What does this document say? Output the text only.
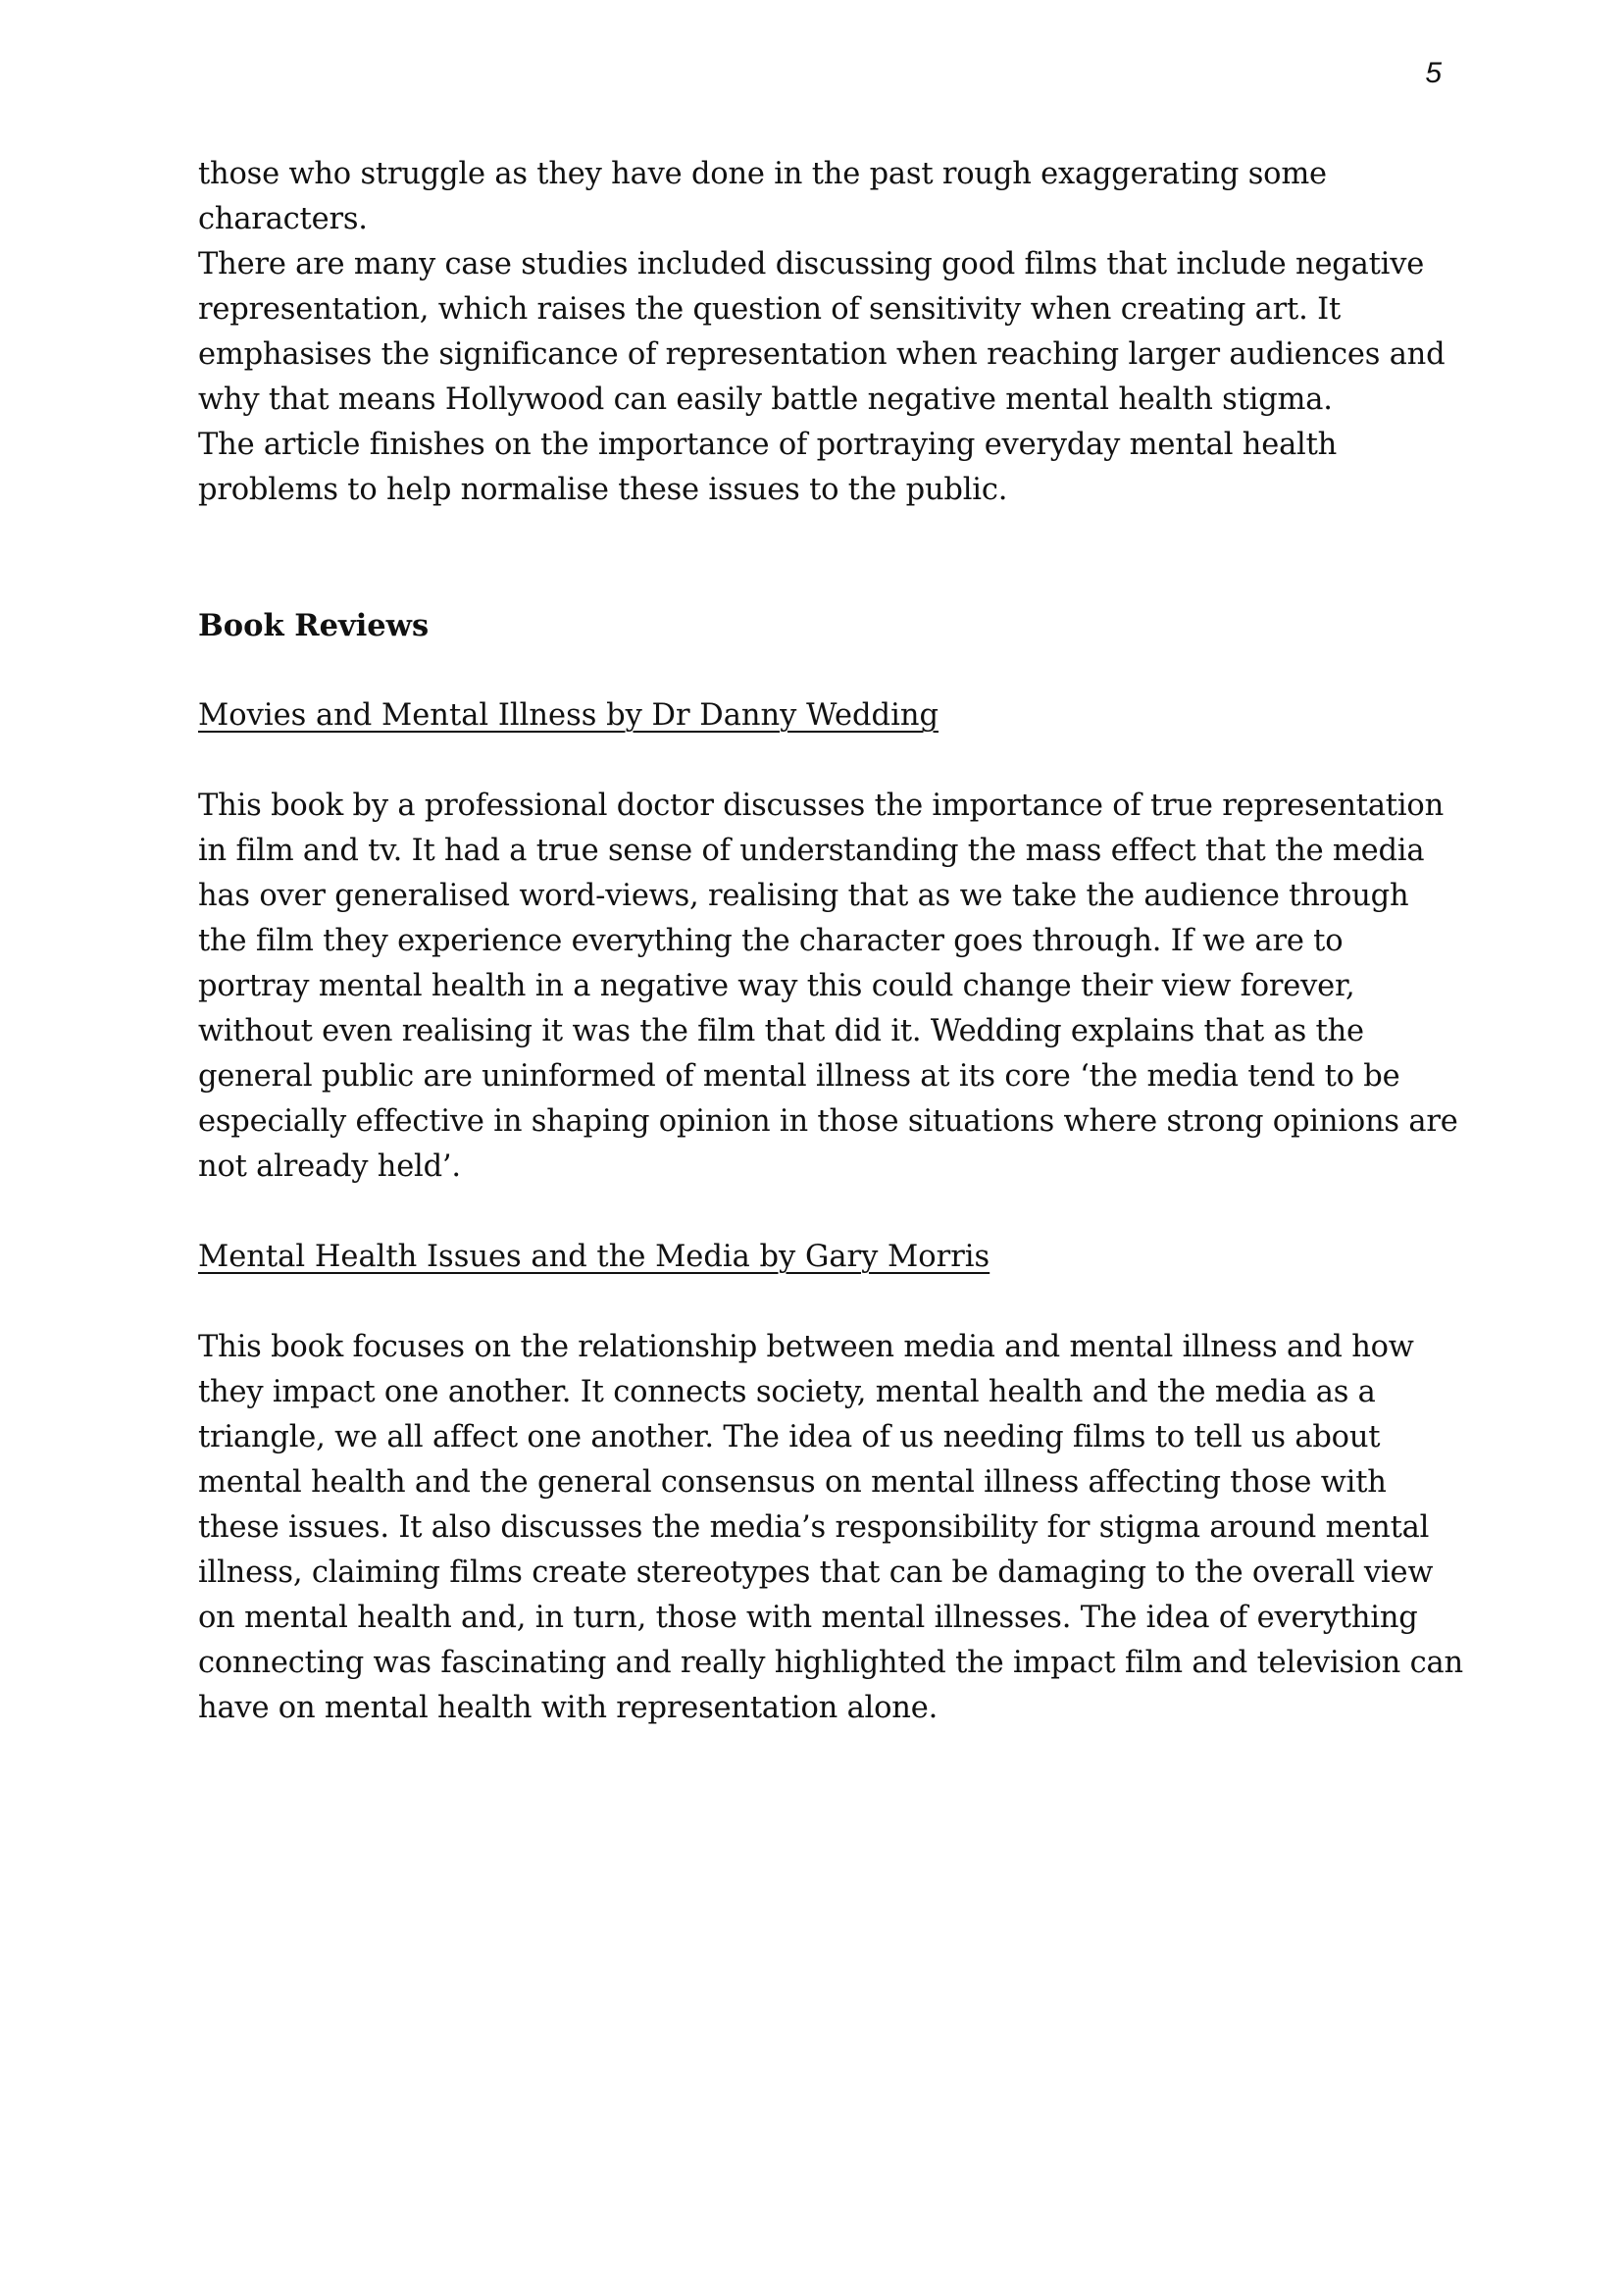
5

those who struggle as they have done in the past rough exaggerating some characters.

There are many case studies included discussing good films that include negative representation, which raises the question of sensitivity when creating art. It emphasises the significance of representation when reaching larger audiences and why that means Hollywood can easily battle negative mental health stigma.

The article finishes on the importance of portraying everyday mental health problems to help normalise these issues to the public.

Book Reviews

Movies and Mental Illness by Dr Danny Wedding

This book by a professional doctor discusses the importance of true representation in film and tv. It had a true sense of understanding the mass effect that the media has over generalised word-views, realising that as we take the audience through the film they experience everything the character goes through. If we are to portray mental health in a negative way this could change their view forever, without even realising it was the film that did it. Wedding explains that as the general public are uninformed of mental illness at its core ‘the media tend to be especially effective in shaping opinion in those situations where strong opinions are not already held’.

Mental Health Issues and the Media by Gary Morris

This book focuses on the relationship between media and mental illness and how they impact one another. It connects society, mental health and the media as a triangle, we all affect one another. The idea of us needing films to tell us about mental health and the general consensus on mental illness affecting those with these issues. It also discusses the media’s responsibility for stigma around mental illness, claiming films create stereotypes that can be damaging to the overall view on mental health and, in turn, those with mental illnesses. The idea of everything connecting was fascinating and really highlighted the impact film and television can have on mental health with representation alone.
